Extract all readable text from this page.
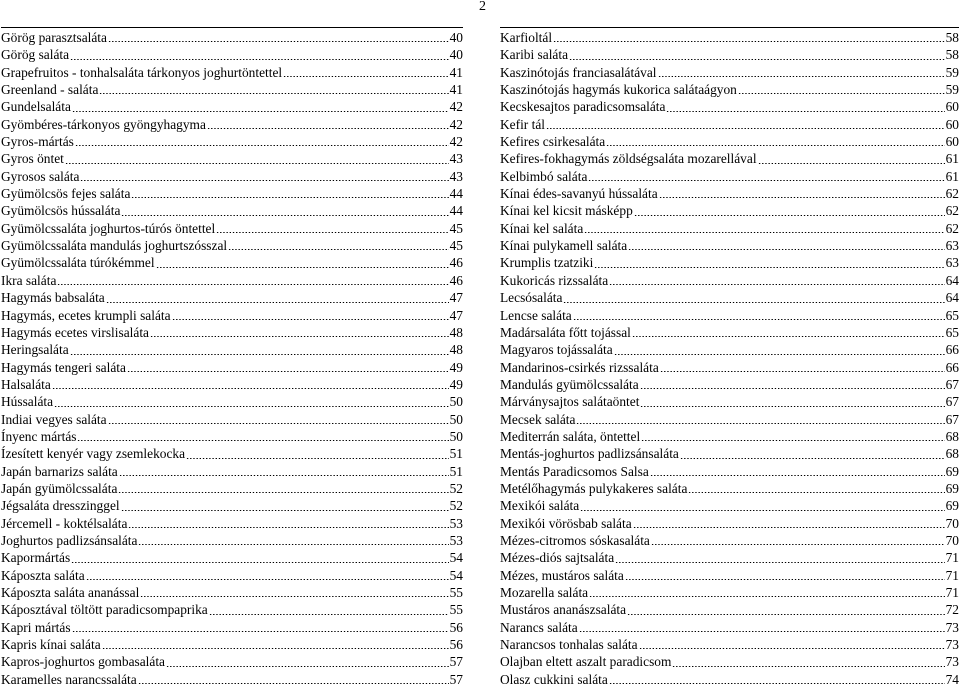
2
Görög parasztsaláta	40
Görög saláta	40
Grapefruitos - tonhalsaláta tárkonyos joghurtöntettel	41
Greenland - saláta	41
Gundelsaláta	42
Gyömbéres-tárkonyos gyöngyhagyma	42
Gyros-mártás	42
Gyros öntet	43
Gyrosos saláta	43
Gyümölcsös fejes saláta	44
Gyümölcsös hússaláta	44
Gyümölcssaláta joghurtos-túrós öntettel	45
Gyümölcssaláta mandulás joghurtszósszal	45
Gyümölcssaláta túrókémmel	46
Ikra saláta	46
Hagymás babsaláta	47
Hagymás, ecetes krumpli saláta	47
Hagymás ecetes virslisaláta	48
Heringsaláta	48
Hagymás tengeri saláta	49
Halsaláta	49
Hússaláta	50
Indiai vegyes saláta	50
Ínyenc mártás	50
Ízesített kenyér vagy zsemlekocka	51
Japán barnarizs saláta	51
Japán gyümölcssaláta	52
Jégsaláta dresszinggel	52
Jércemell - koktélsaláta	53
Joghurtos padlizsánsaláta	53
Kapormártás	54
Káposzta saláta	54
Káposzta saláta ananással	55
Káposztával töltött paradicsompaprika	55
Kapri mártás	56
Kapris kínai saláta	56
Kapros-joghurtos gombasaláta	57
Karamelles narancssaláta	57
Karfioltál	58
Karibi saláta	58
Kaszinótojás franciasalátával	59
Kaszinótojás hagymás kukorica salátaágyon	59
Kecskesajtos paradicsomsaláta	60
Kefir tál	60
Kefires csirkesaláta	60
Kefires-fokhagymás zöldségsaláta mozarellával	61
Kelbimbó saláta	61
Kínai édes-savanyú hússaláta	62
Kínai kel kicsit másképp	62
Kínai kel saláta	62
Kínai pulykamell saláta	63
Krumplis tzatziki	63
Kukoricás rizssaláta	64
Lecsósaláta	64
Lencse saláta	65
Madársaláta főtt tojással	65
Magyaros tojássaláta	66
Mandarinos-csirkés rizssaláta	66
Mandulás gyümölcssaláta	67
Márványsajtos salátaöntet	67
Mecsek saláta	67
Mediterrán saláta, öntettel	68
Mentás-joghurtos padlizsánsaláta	68
Mentás Paradicsomos Salsa	69
Metélőhagymás pulykakeres saláta	69
Mexikói saláta	69
Mexikói vörösbab saláta	70
Mézes-citromos sóskasaláta	70
Mézes-diós sajtsaláta	71
Mézes, mustáros saláta	71
Mozarella saláta	71
Mustáros ananászsaláta	72
Narancs saláta	73
Narancsos tonhalas saláta	73
Olajban eltett aszalt paradicsom	73
Olasz cukkini saláta	74
